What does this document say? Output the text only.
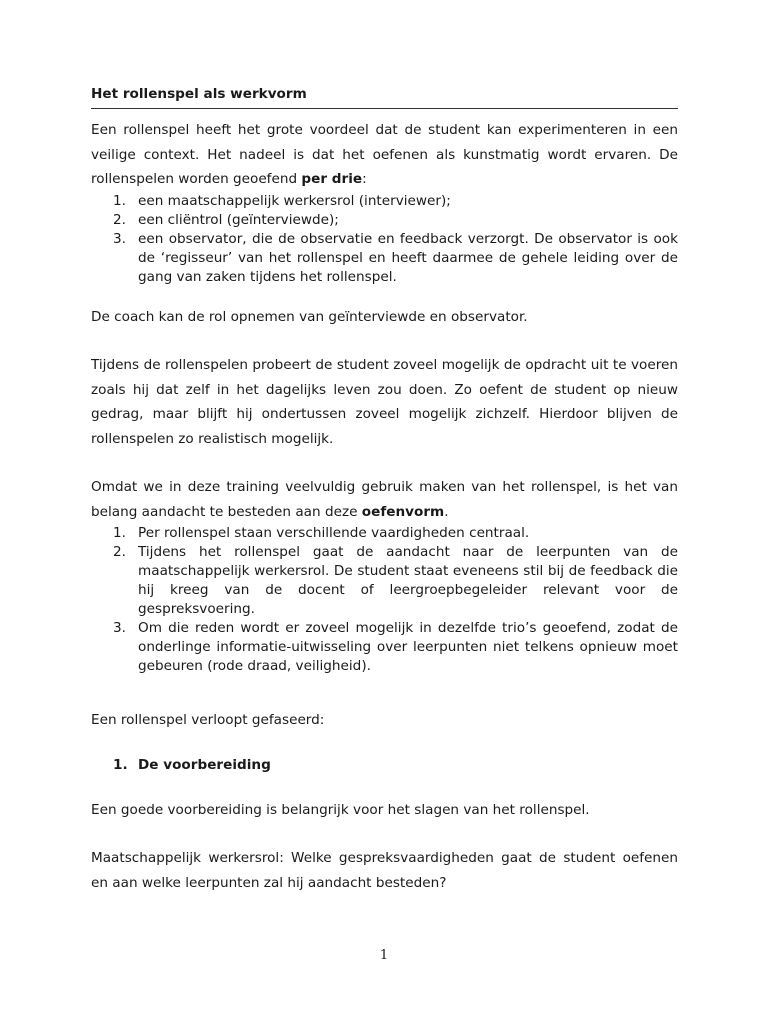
Het rollenspel als werkvorm

Een rollenspel heeft het grote voordeel dat de student kan experimenteren in een veilige context. Het nadeel is dat het oefenen als kunstmatig wordt ervaren. De rollenspelen worden geoefend per drie:

1. een maatschappelijk werkersrol (interviewer);
2. een cliëntrol (geïnterviewde);
3. een observator, die de observatie en feedback verzorgt. De observator is ook de ‘regisseur’ van het rollenspel en heeft daarmee de gehele leiding over de gang van zaken tijdens het rollenspel.

De coach kan de rol opnemen van geïnterviewde en observator.

Tijdens de rollenspelen probeert de student zoveel mogelijk de opdracht uit te voeren zoals hij dat zelf in het dagelijks leven zou doen. Zo oefent de student op nieuw gedrag, maar blijft hij ondertussen zoveel mogelijk zichzelf. Hierdoor blijven de rollenspelen zo realistisch mogelijk.

Omdat we in deze training veelvuldig gebruik maken van het rollenspel, is het van belang aandacht te besteden aan deze oefenvorm.

1. Per rollenspel staan verschillende vaardigheden centraal.
2. Tijdens het rollenspel gaat de aandacht naar de leerpunten van de maatschappelijk werkersrol. De student staat eveneens stil bij de feedback die hij kreeg van de docent of leergroepbegeleider relevant voor de gespreksvoering.
3. Om die reden wordt er zoveel mogelijk in dezelfde trio’s geoefend, zodat de onderlinge informatie-uitwisseling over leerpunten niet telkens opnieuw moet gebeuren (rode draad, veiligheid).

Een rollenspel verloopt gefaseerd:

1. De voorbereiding

Een goede voorbereiding is belangrijk voor het slagen van het rollenspel.

Maatschappelijk werkersrol: Welke gespreksvaardigheden gaat de student oefenen en aan welke leerpunten zal hij aandacht besteden?

1
